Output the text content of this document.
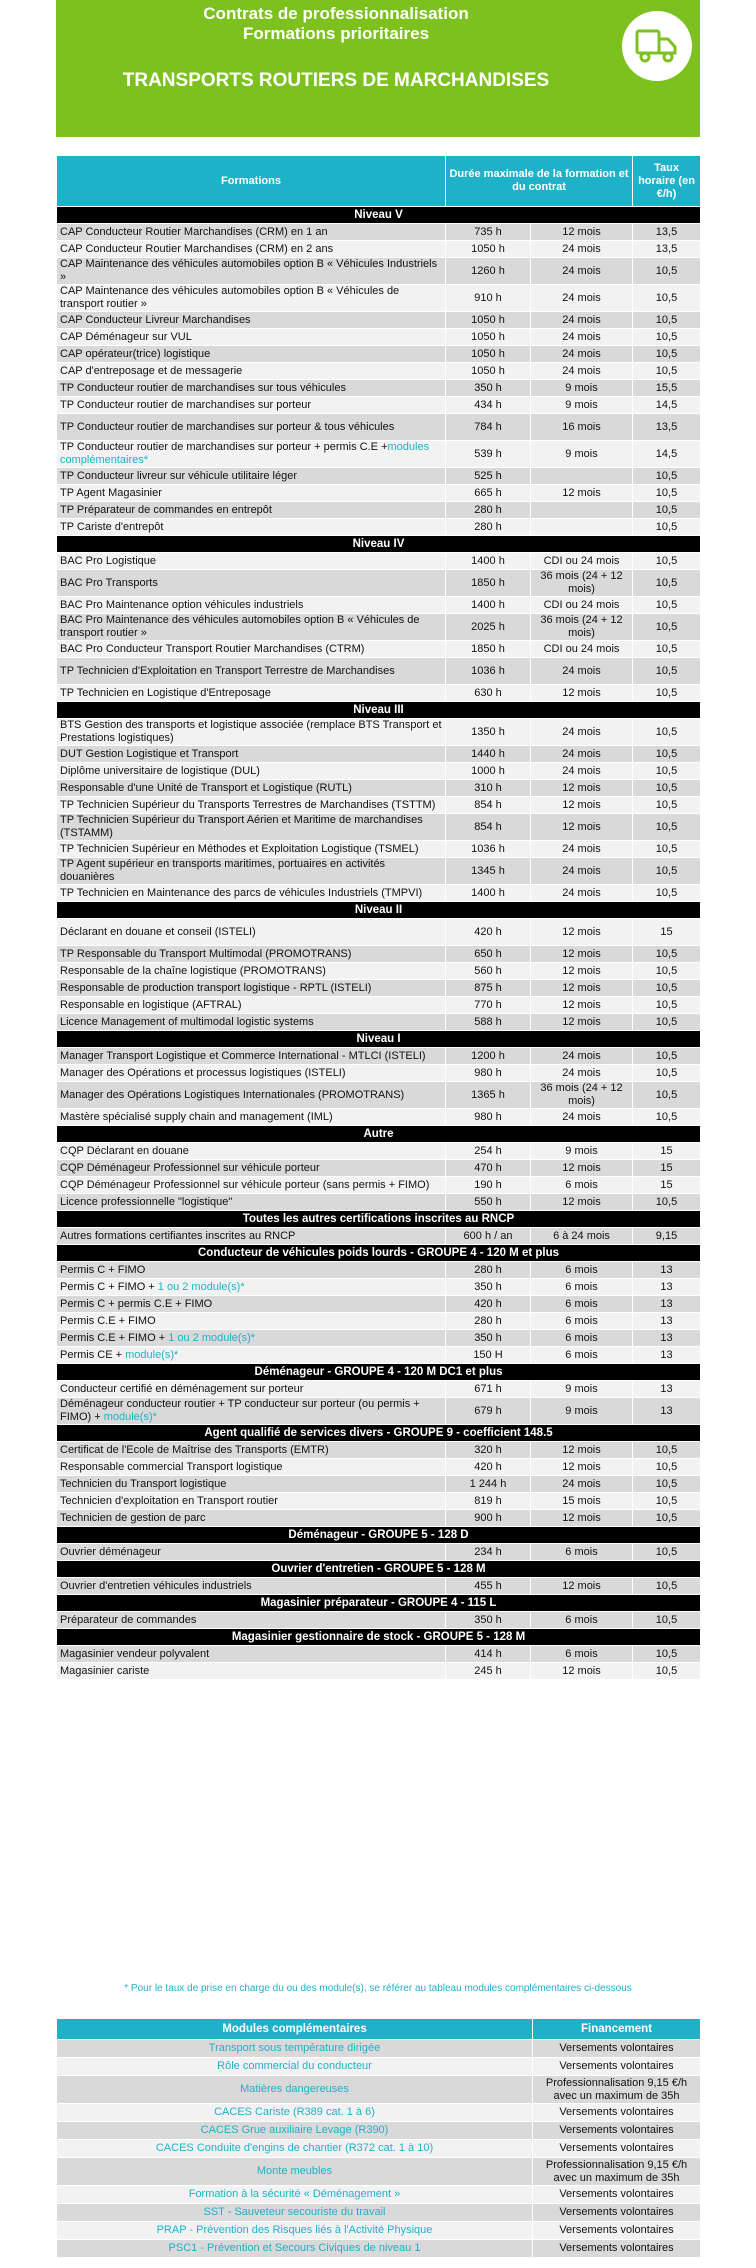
Contrats de professionnalisation
Formations prioritaires
TRANSPORTS ROUTIERS DE MARCHANDISES
Formations	Durée maximale de la formation et du contrat		Taux horaire (en €/h)
Niveau V			
CAP Conducteur Routier Marchandises (CRM) en 1 an	735 h	12 mois	13,5
CAP Conducteur Routier Marchandises (CRM) en 2 ans	1050 h	24 mois	13,5
CAP Maintenance des véhicules automobiles option B « Véhicules Industriels »	1260 h	24 mois	10,5
CAP Maintenance des véhicules automobiles option B « Véhicules de transport routier »	910 h	24 mois	10,5
CAP Conducteur Livreur Marchandises	1050 h	24 mois	10,5
CAP Déménageur sur VUL	1050 h	24 mois	10,5
CAP opérateur(trice) logistique	1050 h	24 mois	10,5
CAP d'entreposage et de messagerie	1050 h	24 mois	10,5
TP Conducteur routier de marchandises sur tous véhicules	350 h	9 mois	15,5
TP Conducteur routier de marchandises sur porteur	434 h	9 mois	14,5
TP Conducteur routier de marchandises sur porteur & tous véhicules	784 h	16 mois	13,5
TP Conducteur routier de marchandises sur porteur + permis C.E +modules complémentaires*	539 h	9 mois	14,5
TP Conducteur livreur sur véhicule utilitaire léger	525 h		10,5
TP Agent Magasinier	665 h	12 mois	10,5
TP Préparateur de commandes en entrepôt	280 h		10,5
TP Cariste d'entrepôt	280 h		10,5
Niveau IV			
BAC Pro Logistique	1400 h	CDI ou 24 mois	10,5
BAC Pro Transports	1850 h	36 mois (24 + 12 mois)	10,5
BAC Pro Maintenance option véhicules industriels	1400 h	CDI ou 24 mois	10,5
BAC Pro Maintenance des véhicules automobiles option B « Véhicules de transport routier »	2025 h	36 mois (24 + 12 mois)	10,5
BAC Pro Conducteur Transport Routier Marchandises (CTRM)	1850 h	CDI ou 24 mois	10,5
TP Technicien d'Exploitation en Transport Terrestre de Marchandises	1036 h	24 mois	10,5
TP Technicien en Logistique d'Entreposage	630 h	12 mois	10,5
Niveau III			
BTS Gestion des transports et logistique associée (remplace BTS Transport et Prestations logistiques)	1350 h	24 mois	10,5
DUT Gestion Logistique et Transport	1440 h	24 mois	10,5
Diplôme universitaire de logistique (DUL)	1000 h	24 mois	10,5
Responsable d'une Unité de Transport et Logistique (RUTL)	310 h	12 mois	10,5
TP Technicien Supérieur du Transports Terrestres de Marchandises (TSTTM)	854 h	12 mois	10,5
TP Technicien Supérieur du Transport Aérien et Maritime de marchandises (TSTAMM)	854 h	12 mois	10,5
TP Technicien Supérieur en Méthodes et Exploitation Logistique (TSMEL)	1036 h	24 mois	10,5
TP Agent supérieur en transports maritimes, portuaires en activités douanières	1345 h	24 mois	10,5
TP Technicien en Maintenance des parcs de véhicules Industriels (TMPVI)	1400 h	24 mois	10,5
Niveau II			
Déclarant en douane et conseil (ISTELI)	420 h	12 mois	15
TP Responsable du Transport Multimodal (PROMOTRANS)	650 h	12 mois	10,5
Responsable de la chaîne logistique (PROMOTRANS)	560 h	12 mois	10,5
Responsable de production transport logistique - RPTL (ISTELI)	875 h	12 mois	10,5
Responsable en logistique (AFTRAL)	770 h	12 mois	10,5
Licence Management of multimodal logistic systems	588 h	12 mois	10,5
Niveau I			
Manager Transport Logistique et Commerce International - MTLCI (ISTELI)	1200 h	24 mois	10,5
Manager des Opérations et processus logistiques (ISTELI)	980 h	24 mois	10,5
Manager des Opérations Logistiques Internationales (PROMOTRANS)	1365 h	36 mois (24 + 12 mois)	10,5
Mastère spécialisé supply chain and management (IML)	980 h	24 mois	10,5
Autre			
CQP Déclarant en douane	254 h	9 mois	15
CQP Déménageur Professionnel sur véhicule porteur	470 h	12 mois	15
CQP Déménageur Professionnel sur véhicule porteur (sans permis + FIMO)	190 h	6 mois	15
Licence professionnelle "logistique"	550 h	12 mois	10,5
Toutes les autres certifications inscrites au RNCP			
Autres formations certifiantes inscrites au RNCP	600 h / an	6 à 24 mois	9,15
Conducteur de véhicules poids lourds - GROUPE 4 - 120 M et plus			
Permis C + FIMO	280 h	6 mois	13
Permis C + FIMO + 1 ou 2 module(s)*	350 h	6 mois	13
Permis C + permis C.E + FIMO	420 h	6 mois	13
Permis C.E + FIMO	280 h	6 mois	13
Permis C.E + FIMO + 1 ou 2 module(s)*	350 h	6 mois	13
Permis CE + module(s)*	150 H	6 mois	13
Déménageur - GROUPE 4 - 120 M DC1 et plus			
Conducteur certifié en déménagement sur porteur	671 h	9 mois	13
Déménageur conducteur routier + TP conducteur sur porteur (ou permis + FIMO) + module(s)*	679 h	9 mois	13
Agent qualifié de services divers - GROUPE 9 - coefficient 148.5			
Certificat de l'Ecole de Maîtrise des Transports (EMTR)	320 h	12 mois	10,5
Responsable commercial Transport logistique	420 h	12 mois	10,5
Technicien du Transport logistique	1 244 h	24 mois	10,5
Technicien d'exploitation en Transport routier	819 h	15 mois	10,5
Technicien de gestion de parc	900 h	12 mois	10,5
Déménageur - GROUPE 5 - 128 D			
Ouvrier déménageur	234 h	6 mois	10,5
Ouvrier d'entretien - GROUPE 5 - 128 M			
Ouvrier d'entretien véhicules industriels	455 h	12 mois	10,5
Magasinier préparateur - GROUPE 4 - 115 L			
Préparateur de commandes	350 h	6 mois	10,5
Magasinier gestionnaire de stock - GROUPE 5 - 128 M			
Magasinier vendeur polyvalent	414 h	6 mois	10,5
Magasinier cariste	245 h	12 mois	10,5
* Pour le taux de prise en charge du ou des module(s), se référer au tableau modules complémentaires ci-dessous
Modules complémentaires	Financement
Transport sous température dirigée	Versements volontaires
Rôle commercial du conducteur	Versements volontaires
Matières dangereuses	Professionnalisation 9,15 €/h avec un maximum de 35h
CACES Cariste (R389 cat. 1 à 6)	Versements volontaires
CACES Grue auxiliaire Levage (R390)	Versements volontaires
CACES Conduite d'engins de chantier (R372 cat. 1 à 10)	Versements volontaires
Monte meubles	Professionnalisation 9,15 €/h avec un maximum de 35h
Formation à la sécurité « Déménagement »	Versements volontaires
SST - Sauveteur secouriste du travail	Versements volontaires
PRAP - Prévention des Risques liés à l'Activité Physique	Versements volontaires
PSC1 - Prévention et Secours Civiques de niveau 1	Versements volontaires
